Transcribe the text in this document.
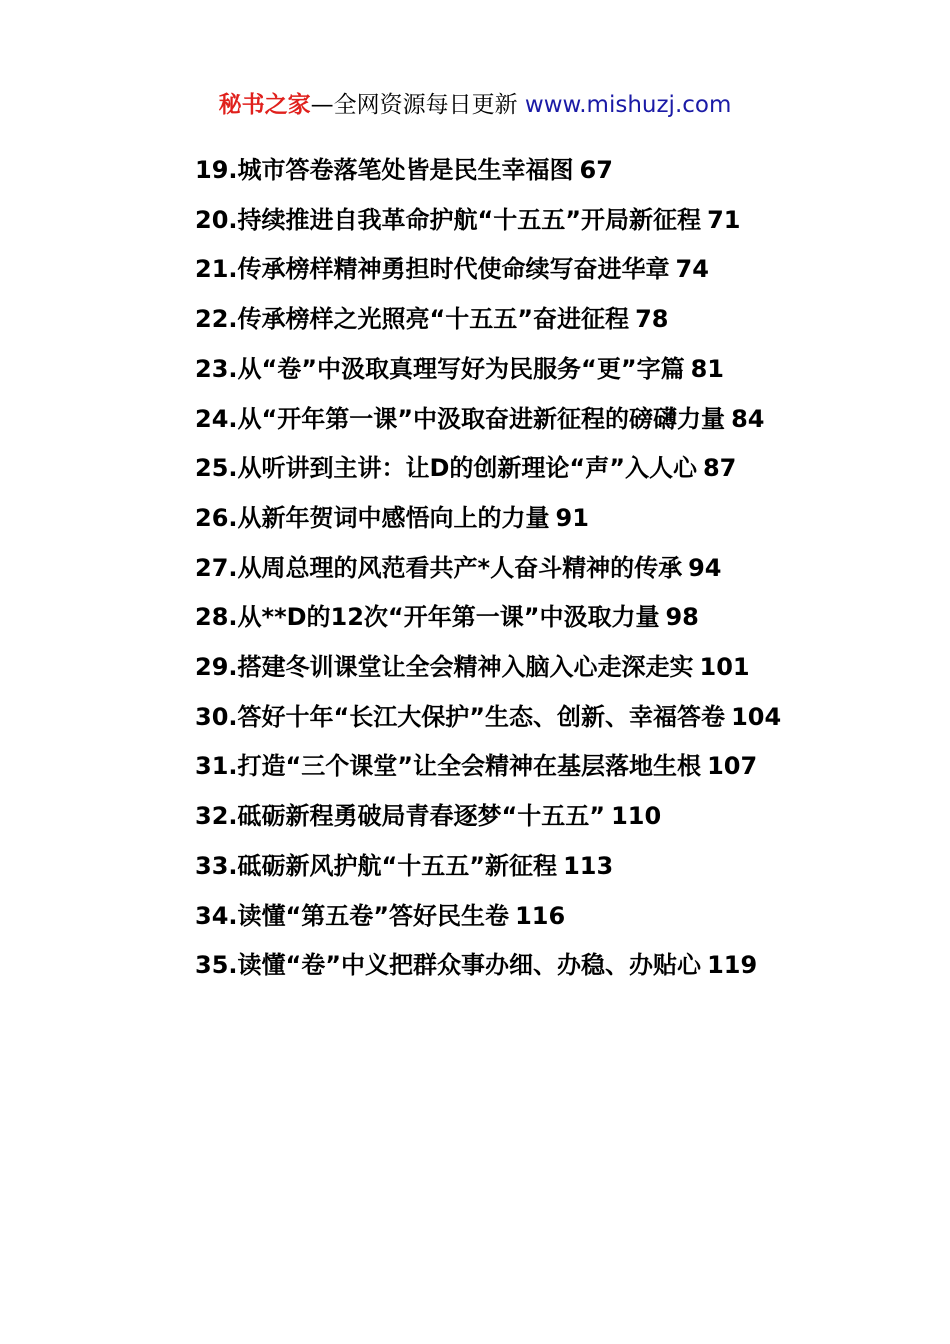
秘书之家—全网资源每日更新 www.mishuzj.com

19.城市答卷落笔处皆是民生幸福图 67

20.持续推进自我革命护航“十五五”开局新征程 71

21.传承榜样精神勇担时代使命续写奋进华章 74

22.传承榜样之光照亮“十五五”奋进征程 78

23.从“卷”中汲取真理写好为民服务“更”字篇 81

24.从“开年第一课”中汲取奋进新征程的磅礴力量 84

25.从听讲到主讲：让D的创新理论“声”入人心 87

26.从新年贺词中感悟向上的力量 91

27.从周总理的风范看共产*人奋斗精神的传承 94

28.从**D的12次“开年第一课”中汲取力量 98

29.搭建冬训课堂让全会精神入脑入心走深走实 101

30.答好十年“长江大保护”生态、创新、幸福答卷 104

31.打造“三个课堂”让全会精神在基层落地生根 107

32.砥砺新程勇破局青春逐梦“十五五” 110

33.砥砺新风护航“十五五”新征程 113

34.读懂“第五卷”答好民生卷 116

35.读懂“卷”中义把群众事办细、办稳、办贴心 119
